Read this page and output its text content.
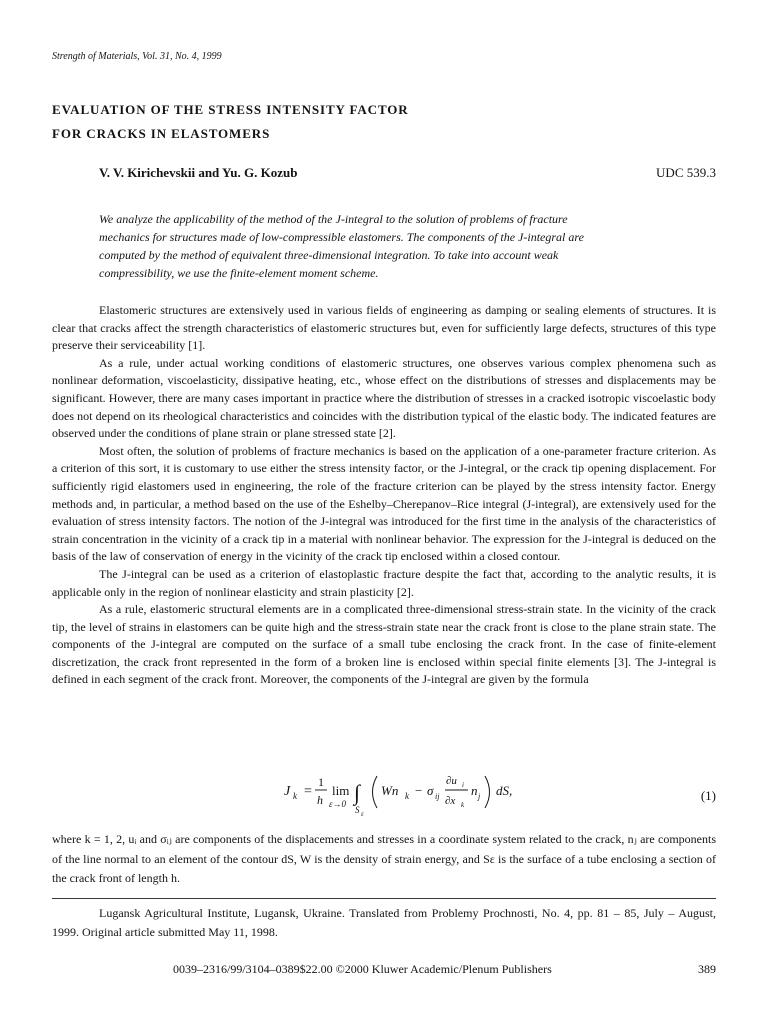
Strength of Materials, Vol. 31, No. 4, 1999
EVALUATION OF THE STRESS INTENSITY FACTOR
FOR CRACKS IN ELASTOMERS
V. V. Kirichevskii and Yu. G. Kozub	UDC 539.3
We analyze the applicability of the method of the J-integral to the solution of problems of fracture
mechanics for structures made of low-compressible elastomers. The components of the J-integral are
computed by the method of equivalent three-dimensional integration. To take into account weak
compressibility, we use the finite-element moment scheme.

Elastomeric structures are extensively used in various fields of engineering as damping or sealing elements of structures. It is clear that cracks affect the strength characteristics of elastomeric structures but, even for sufficiently large defects, structures of this type preserve their serviceability [1].

As a rule, under actual working conditions of elastomeric structures, one observes various complex phenomena such as nonlinear deformation, viscoelasticity, dissipative heating, etc., whose effect on the distributions of stresses and displacements may be significant. However, there are many cases important in practice where the distribution of stresses in a cracked isotropic viscoelastic body does not depend on its rheological characteristics and coincides with the distribution typical of the elastic body. The indicated features are observed under the conditions of plane strain or plane stressed state [2].

Most often, the solution of problems of fracture mechanics is based on the application of a one-parameter fracture criterion. As a criterion of this sort, it is customary to use either the stress intensity factor, or the J-integral, or the crack tip opening displacement. For sufficiently rigid elastomers used in engineering, the role of the fracture criterion can be played by the stress intensity factor. Energy methods and, in particular, a method based on the use of the Eshelby–Cherepanov–Rice integral (J-integral), are extensively used for the evaluation of stress intensity factors. The notion of the J-integral was introduced for the first time in the analysis of the characteristics of strain concentration in the vicinity of a crack tip in a material with nonlinear behavior. The expression for the J-integral is deduced on the basis of the law of conservation of energy in the vicinity of the crack tip enclosed within a closed contour.

The J-integral can be used as a criterion of elastoplastic fracture despite the fact that, according to the analytic results, it is applicable only in the region of nonlinear elasticity and strain plasticity [2].

As a rule, elastomeric structural elements are in a complicated three-dimensional stress-strain state. In the vicinity of the crack tip, the level of strains in elastomers can be quite high and the stress-strain state near the crack front is close to the plane strain state. The components of the J-integral are computed on the surface of a small tube enclosing the crack front. In the case of finite-element discretization, the crack front represented in the form of a broken line is enclosed within special finite elements [3]. The J-integral is defined in each segment of the crack front. Moreover, the components of the J-integral are given by the formula

J k =
1
h
lim
ε→0 ∫
S ε
Wn k − σ ij
∂u i
∂x k
n j dS,	(1)
where k = 1, 2, uᵢ and σᵢⱼ are components of the displacements and stresses in a coordinate system related to the crack, nⱼ are components of the line normal to an element of the contour dS, W is the density of strain energy, and Sε is the surface of a tube enclosing a section of the crack front of length h.
Lugansk Agricultural Institute, Lugansk, Ukraine. Translated from Problemy Prochnosti, No. 4, pp. 81 – 85, July – August, 1999. Original article submitted May 11, 1998.
0039–2316/99/3104–0389$22.00 ©2000 Kluwer Academic/Plenum Publishers	389
